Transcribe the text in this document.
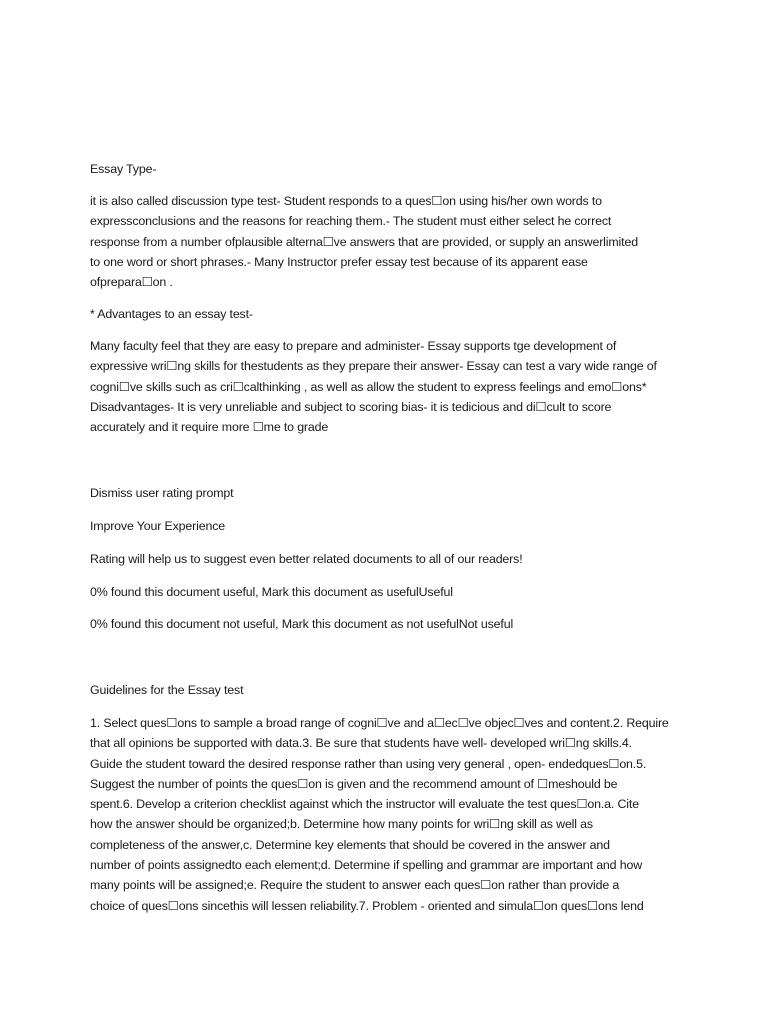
Essay Type-

it is also called discussion type test- Student responds to a ques☐on using his/her own words to
expressconclusions and the reasons for reaching them.- The student must either select he correct
response from a number ofplausible alterna☐ve answers that are provided, or supply an answerlimited
to one word or short phrases.- Many Instructor prefer essay test because of its apparent ease
ofprepara☐on .

* Advantages to an essay test-

Many faculty feel that they are easy to prepare and administer- Essay supports tge development of
expressive wri☐ng skills for thestudents as they prepare their answer- Essay can test a vary wide range of
cogni☐ve skills such as cri☐calthinking , as well as allow the student to express feelings and emo☐ons*
Disadvantages- It is very unreliable and subject to scoring bias- it is tedicious and di☐cult to score
accurately and it require more ☐me to grade

Dismiss user rating prompt

Improve Your Experience

Rating will help us to suggest even better related documents to all of our readers!

0% found this document useful, Mark this document as usefulUseful

0% found this document not useful, Mark this document as not usefulNot useful

Guidelines for the Essay test

1. Select ques☐ons to sample a broad range of cogni☐ve and a☐ec☐ve objec☐ves and content.2. Require
that all opinions be supported with data.3. Be sure that students have well- developed wri☐ng skills.4.
Guide the student toward the desired response rather than using very general , open- endedques☐on.5.
Suggest the number of points the ques☐on is given and the recommend amount of ☐meshould be
spent.6. Develop a criterion checklist against which the instructor will evaluate the test ques☐on.a. Cite
how the answer should be organized;b. Determine how many points for wri☐ng skill as well as
completeness of the answer,c. Determine key elements that should be covered in the answer and
number of points assignedto each element;d. Determine if spelling and grammar are important and how
many points will be assigned;e. Require the student to answer each ques☐on rather than provide a
choice of ques☐ons sincethis will lessen reliability.7. Problem - oriented and simula☐on ques☐ons lend
